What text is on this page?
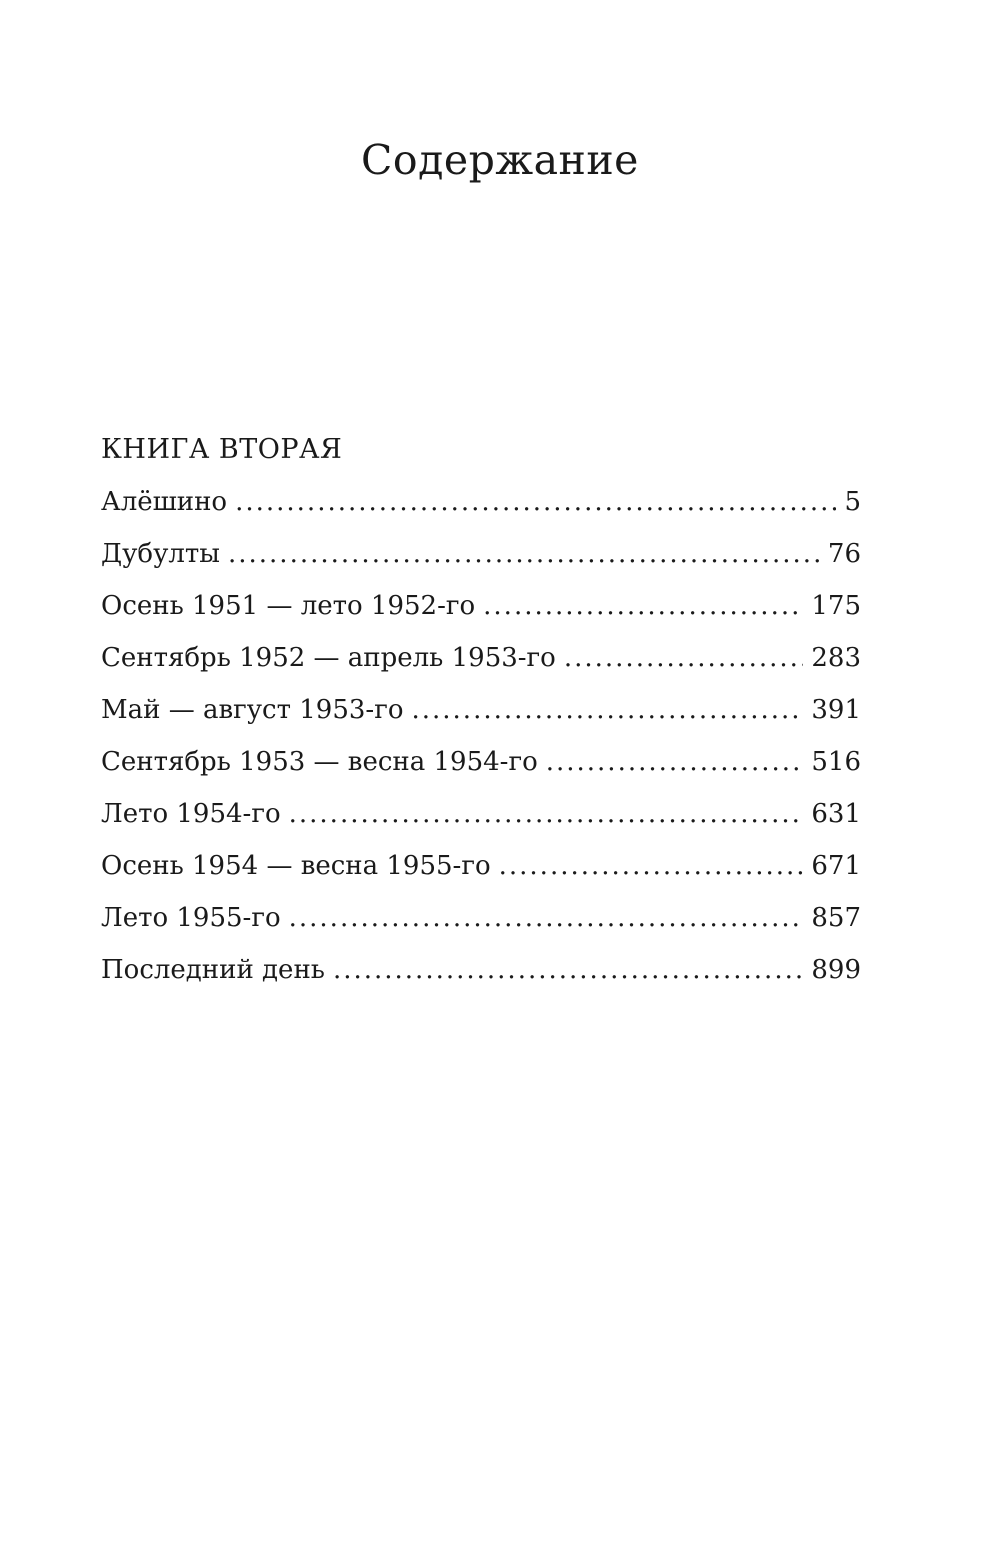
Содержание
КНИГА ВТОРАЯ
Алёшино .....	5
Дубулты .....	76
Осень 1951 — лето 1952-го .....	175
Сентябрь 1952 — апрель 1953-го .....	283
Май — август 1953-го .....	391
Сентябрь 1953 — весна 1954-го .....	516
Лето 1954-го .....	631
Осень 1954 — весна 1955-го .....	671
Лето 1955-го .....	857
Последний день .....	899
